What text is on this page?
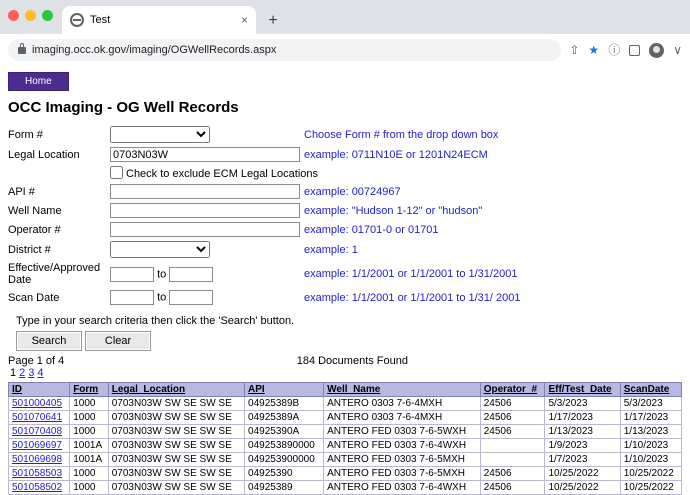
Test	×	+
imaging.occ.ok.gov/imaging/OGWellRecords.aspx	⇧ ★ ⓘ	∨
Home
OCC Imaging - OG Well Records
Form #		Choose Form # from the drop down box
Legal Location	0703N03W	example: 0711N10E or 1201N24ECM
	Check to exclude ECM Legal Locations	
API #		example: 00724967
Well Name		example: "Hudson 1-12" or "hudson"
Operator #		example: 01701-0 or 01701
District #		example: 1
Effective/Approved
Date	to	example: 1/1/2001 or 1/1/2001 to 1/31/2001
Scan Date	to	example: 1/1/2001 or 1/1/2001 to 1/31/ 2001
Type in your search criteria then click the 'Search' button.
Search	Clear
Page 1 of 4	184 Documents Found
1 2 3 4
ID	Form	Legal_Location	API	Well_Name	Operator_#	Eff/Test_Date	ScanDate
501000405	1000	0703N03W SW SE SW SE	04925389B	ANTERO 0303 7-6-4MXH	24506	5/3/2023	5/3/2023
501070641	1000	0703N03W SW SE SW SE	04925389A	ANTERO 0303 7-6-4MXH	24506	1/17/2023	1/17/2023
501070408	1000	0703N03W SW SE SW SE	04925390A	ANTERO FED 0303 7-6-5WXH	24506	1/13/2023	1/13/2023
501069697	1001A	0703N03W SW SE SW SE	049253890000	ANTERO FED 0303 7-6-4WXH		1/9/2023	1/10/2023
501069698	1001A	0703N03W SW SE SW SE	049253900000	ANTERO FED 0303 7-6-5MXH		1/7/2023	1/10/2023
501058503	1000	0703N03W SW SE SW SE	04925390	ANTERO FED 0303 7-6-5MXH	24506	10/25/2022	10/25/2022
501058502	1000	0703N03W SW SE SW SE	04925389	ANTERO FED 0303 7-6-4WXH	24506	10/25/2022	10/25/2022
